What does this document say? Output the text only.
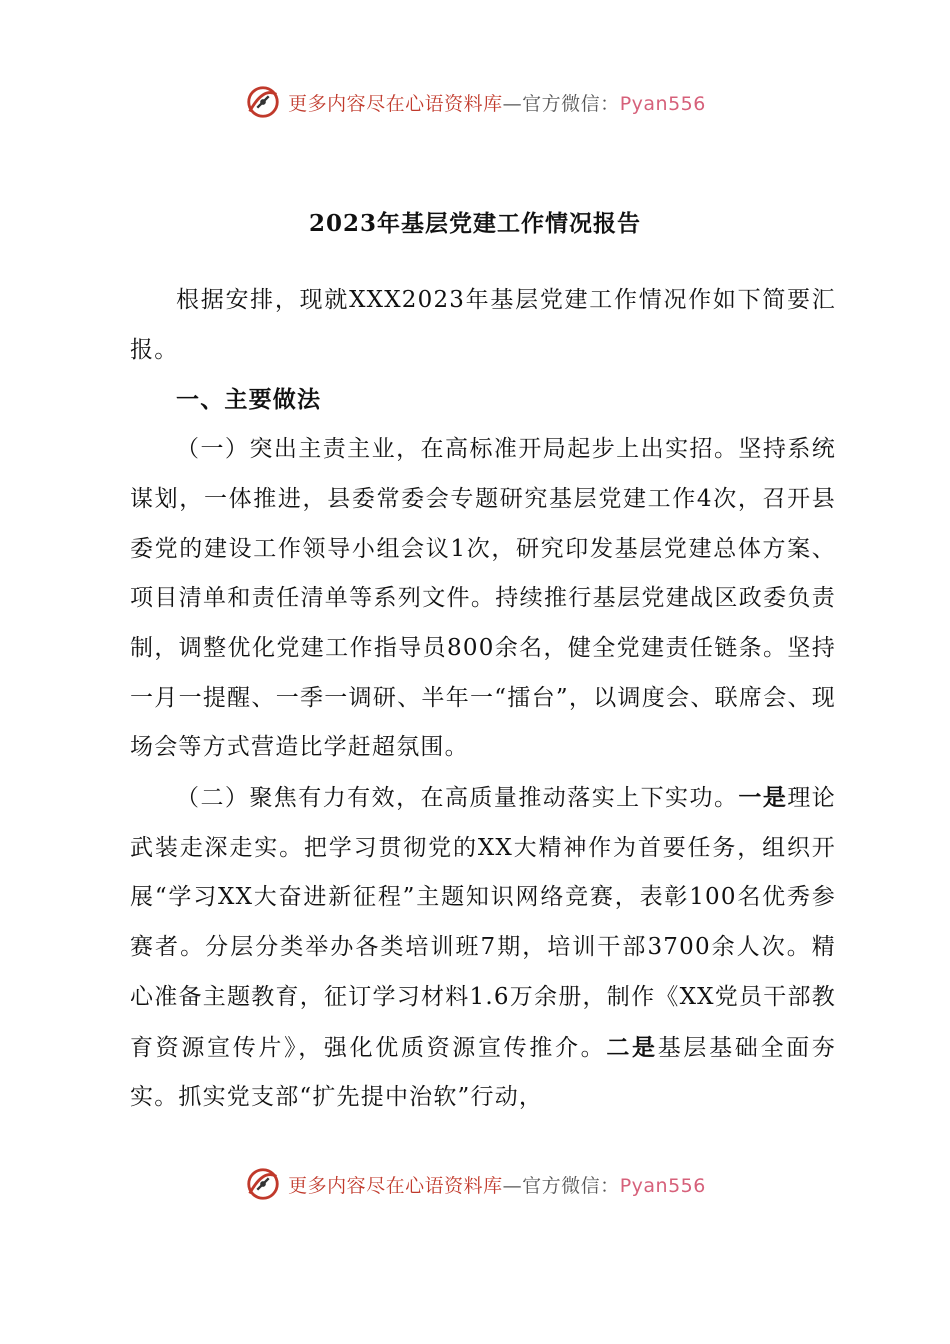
更多内容尽在心语资料库—官方微信：Pyan556
2023年基层党建工作情况报告

根据安排，现就XXX2023年基层党建工作情况作如下简要汇报。

一、主要做法

（一）突出主责主业，在高标准开局起步上出实招。坚持系统谋划，一体推进，县委常委会专题研究基层党建工作4次，召开县委党的建设工作领导小组会议1次，研究印发基层党建总体方案、项目清单和责任清单等系列文件。持续推行基层党建战区政委负责制，调整优化党建工作指导员800余名，健全党建责任链条。坚持一月一提醒、一季一调研、半年一“擂台”，以调度会、联席会、现场会等方式营造比学赶超氛围。

（二）聚焦有力有效，在高质量推动落实上下实功。一是理论武装走深走实。把学习贯彻党的XX大精神作为首要任务，组织开展“学习XX大奋进新征程”主题知识网络竞赛，表彰100名优秀参赛者。分层分类举办各类培训班7期，培训干部3700余人次。精心准备主题教育，征订学习材料1.6万余册，制作《XX党员干部教育资源宣传片》，强化优质资源宣传推介。二是基层基础全面夯实。抓实党支部“扩先提中治软”行动，

更多内容尽在心语资料库—官方微信：Pyan556
